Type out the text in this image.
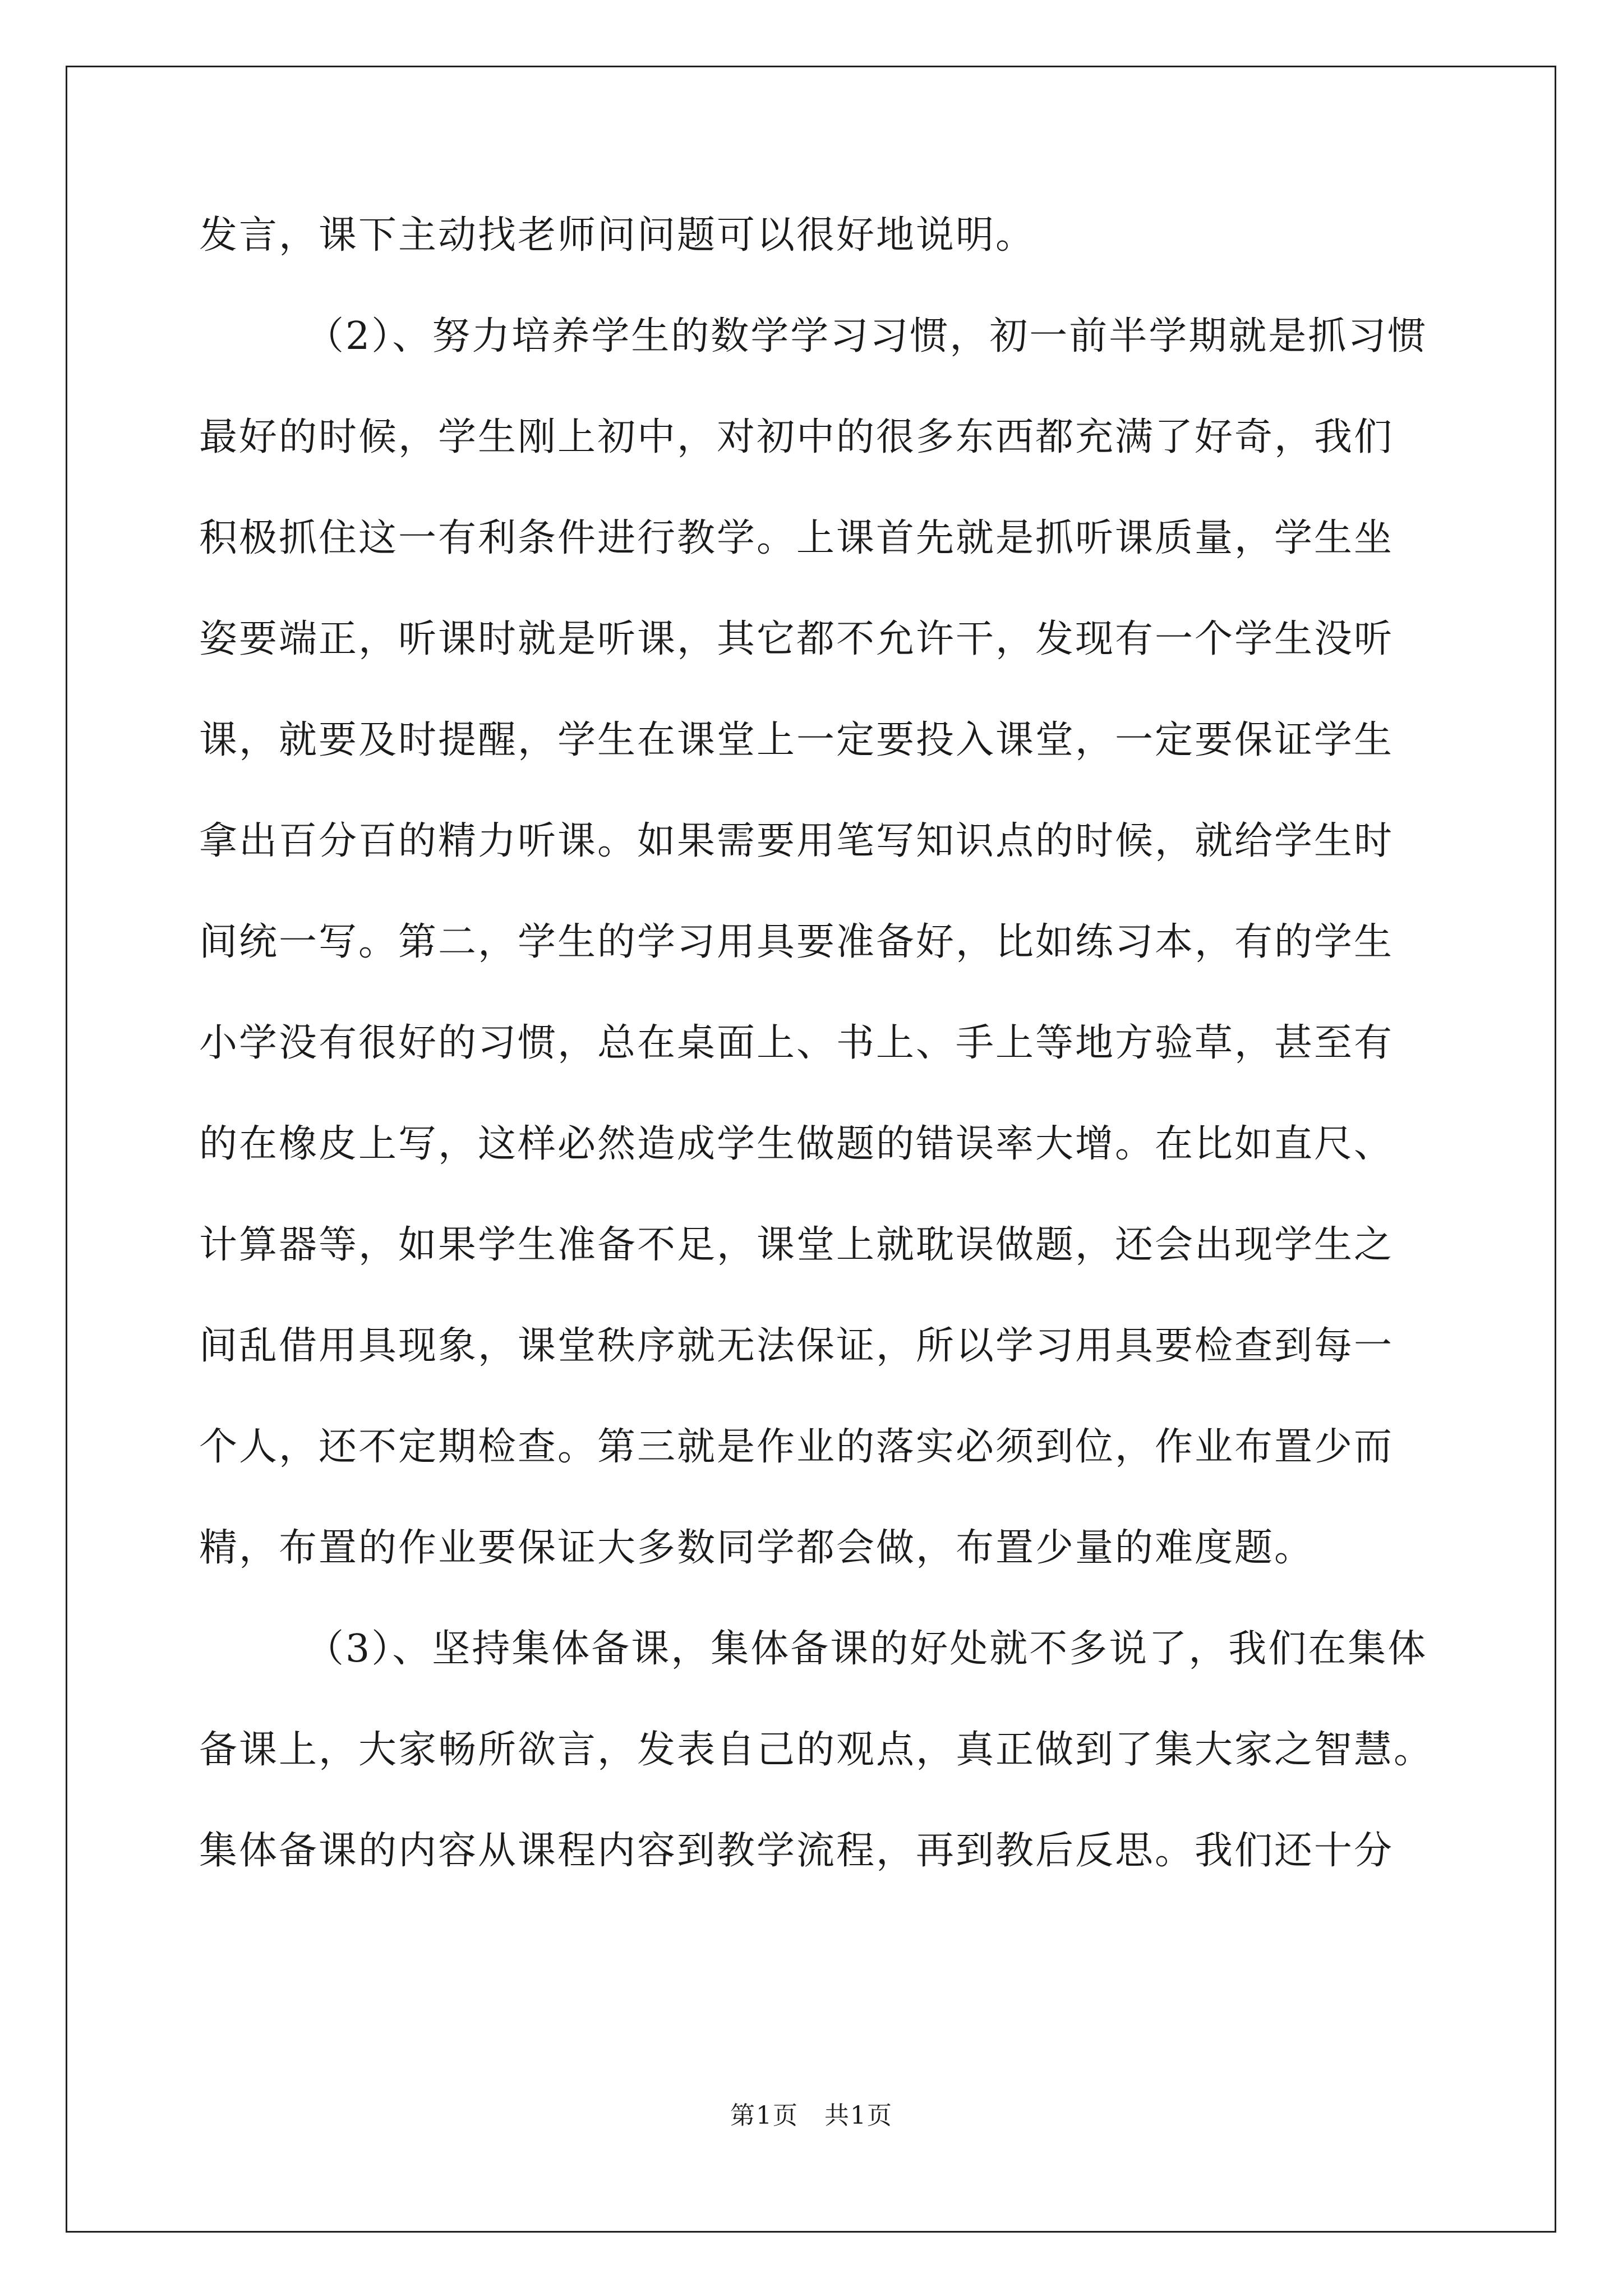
发言，课下主动找老师问问题可以很好地说明。
（2）、努力培养学生的数学学习习惯，初一前半学期就是抓习惯
最好的时候，学生刚上初中，对初中的很多东西都充满了好奇，我们
积极抓住这一有利条件进行教学。上课首先就是抓听课质量，学生坐
姿要端正，听课时就是听课，其它都不允许干，发现有一个学生没听
课，就要及时提醒，学生在课堂上一定要投入课堂，一定要保证学生
拿出百分百的精力听课。如果需要用笔写知识点的时候，就给学生时
间统一写。第二，学生的学习用具要准备好，比如练习本，有的学生
小学没有很好的习惯，总在桌面上、书上、手上等地方验草，甚至有
的在橡皮上写，这样必然造成学生做题的错误率大增。在比如直尺、
计算器等，如果学生准备不足，课堂上就耽误做题，还会出现学生之
间乱借用具现象，课堂秩序就无法保证，所以学习用具要检查到每一
个人，还不定期检查。第三就是作业的落实必须到位，作业布置少而
精，布置的作业要保证大多数同学都会做，布置少量的难度题。
（3）、坚持集体备课，集体备课的好处就不多说了，我们在集体
备课上，大家畅所欲言，发表自己的观点，真正做到了集大家之智慧。
集体备课的内容从课程内容到教学流程，再到教后反思。我们还十分
第1页　共1页
